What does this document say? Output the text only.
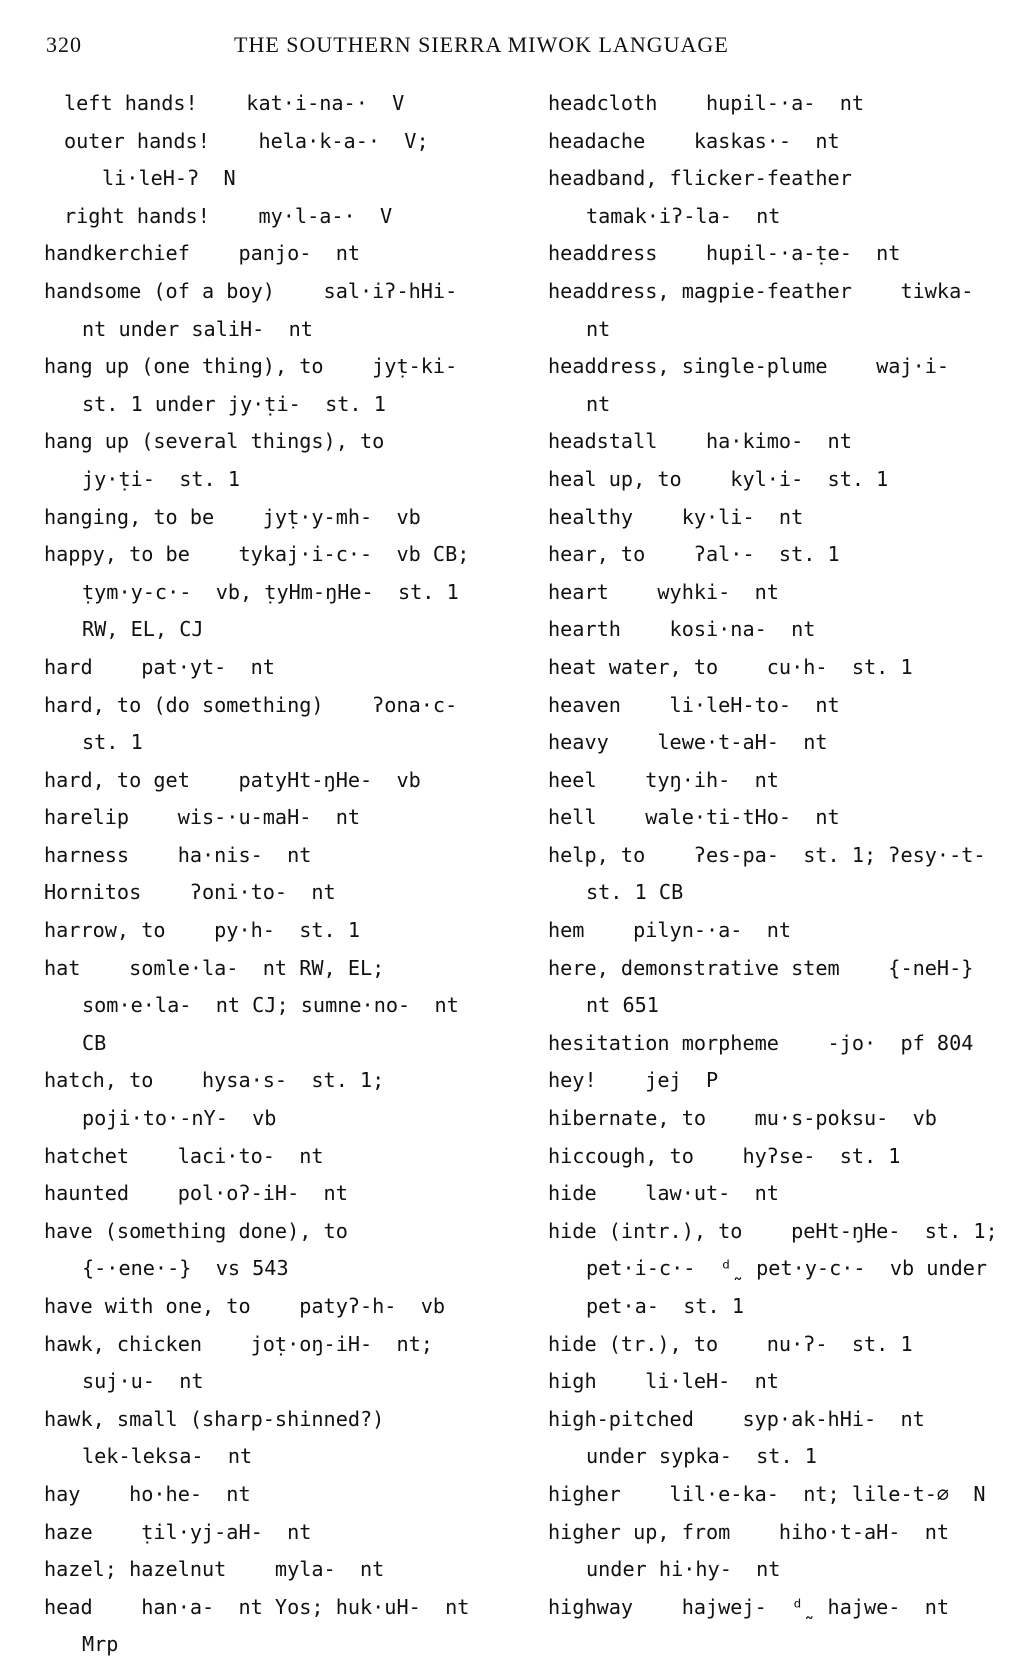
320	THE SOUTHERN SIERRA MIWOK LANGUAGE
left hands!    kat·i-na-·  V
outer hands!    hela·k-a-·  V;
li·leH-ʔ  N
right hands!    my·l-a-·  V
handkerchief    panjo-  nt
handsome (of a boy)    sal·iʔ-hHi-
nt under saliH-  nt
hang up (one thing), to    jyṭ-ki-
st. 1 under jy·ṭi-  st. 1
hang up (several things), to
jy·ṭi-  st. 1
hanging, to be    jyṭ·y-mh-  vb
happy, to be    tykaj·i-c·-  vb CB;
ṭym·y-c·-  vb, ṭyHm-ŋHe-  st. 1
RW, EL, CJ
hard    pat·yt-  nt
hard, to (do something)    ʔona·c-
st. 1
hard, to get    patyHt-ŋHe-  vb
harelip    wis-·u-maH-  nt
harness    ha·nis-  nt
Hornitos    ʔoni·to-  nt
harrow, to    py·h-  st. 1
hat    somle·la-  nt RW, EL;
som·e·la-  nt CJ; sumne·no-  nt
CB
hatch, to    hysa·s-  st. 1;
poji·to·-nY-  vb
hatchet    laci·to-  nt
haunted    pol·oʔ-iH-  nt
have (something done), to
{-·ene·-}  vs 543
have with one, to    patyʔ-h-  vb
hawk, chicken    joṭ·oŋ-iH-  nt;
suj·u-  nt
hawk, small (sharp-shinned?)
lek-leksa-  nt
hay    ho·he-  nt
haze    ṭil·yj-aH-  nt
hazel; hazelnut    myla-  nt
head    han·a-  nt Yos; huk·uH-  nt
Mrp
headcloth    hupil-·a-  nt
headache    kaskas·-  nt
headband, flicker-feather
tamak·iʔ-la-  nt
headdress    hupil-·a-ṭe-  nt
headdress, magpie-feather    tiwka-
nt
headdress, single-plume    waj·i-
nt
headstall    ha·kimo-  nt
heal up, to    kyl·i-  st. 1
healthy    ky·li-  nt
hear, to    ʔal·-  st. 1
heart    wyhki-  nt
hearth    kosi·na-  nt
heat water, to    cu·h-  st. 1
heaven    li·leH-to-  nt
heavy    lewe·t-aH-  nt
heel    tyŋ·ih-  nt
hell    wale·ti-tHo-  nt
help, to    ʔes-pa-  st. 1; ʔesy·-t-
st. 1 CB
hem    pilyn-·a-  nt
here, demonstrative stem    {-neH-}
nt 651
hesitation morpheme    -jo·  pf 804
hey!    jej  P
hibernate, to    mu·s-poksu-  vb
hiccough, to    hyʔse-  st. 1
hide    law·ut-  nt
hide (intr.), to    peHt-ŋHe-  st. 1;
pet·i-c·-  ᵈ̰  pet·y-c·-  vb under
pet·a-  st. 1
hide (tr.), to    nu·ʔ-  st. 1
high    li·leH-  nt
high-pitched    syp·ak-hHi-  nt
under sypka-  st. 1
higher    lil·e-ka-  nt; lile-t-∅  N
higher up, from    hiho·t-aH-  nt
under hi·hy-  nt
highway    hajwej-  ᵈ̰  hajwe-  nt
